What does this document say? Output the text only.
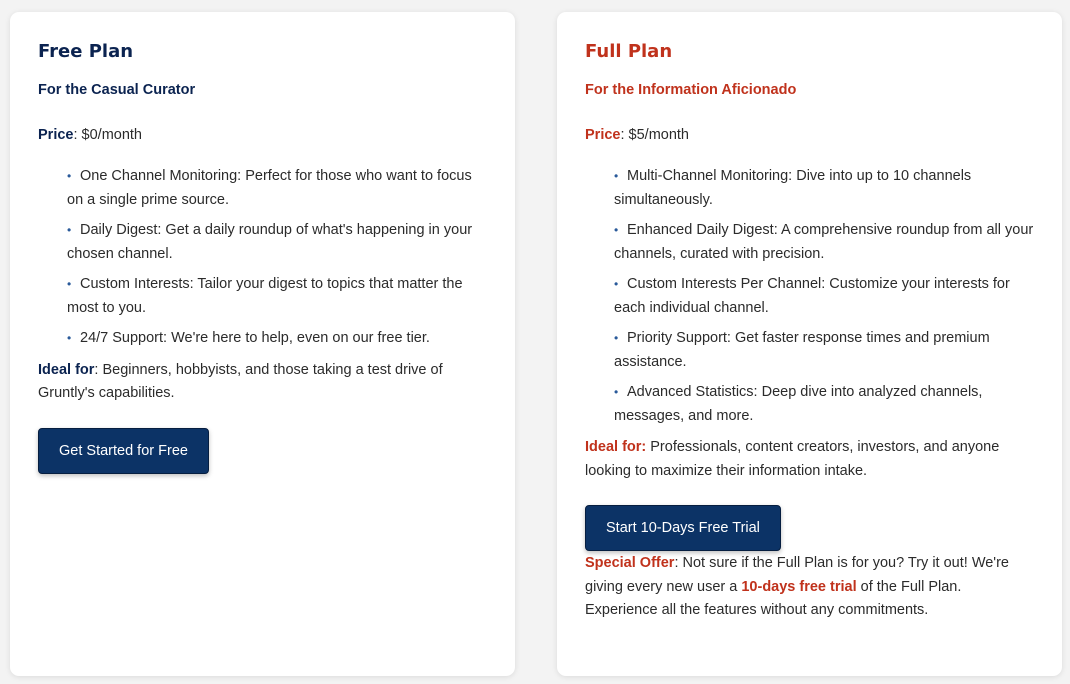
Free Plan

For the Casual Curator

Price: $0/month

• One Channel Monitoring: Perfect for those who want to focus on a single prime source.
• Daily Digest: Get a daily roundup of what's happening in your chosen channel.
• Custom Interests: Tailor your digest to topics that matter the most to you.
• 24/7 Support: We're here to help, even on our free tier.

Ideal for: Beginners, hobbyists, and those taking a test drive of Gruntly's capabilities.

Get Started for Free
Full Plan

For the Information Aficionado

Price: $5/month

• Multi-Channel Monitoring: Dive into up to 10 channels simultaneously.
• Enhanced Daily Digest: A comprehensive roundup from all your channels, curated with precision.
• Custom Interests Per Channel: Customize your interests for each individual channel.
• Priority Support: Get faster response times and premium assistance.
• Advanced Statistics: Deep dive into analyzed channels, messages, and more.

Ideal for: Professionals, content creators, investors, and anyone looking to maximize their information intake.

Start 10-Days Free Trial

Special Offer: Not sure if the Full Plan is for you? Try it out! We're giving every new user a 10-days free trial of the Full Plan. Experience all the features without any commitments.
